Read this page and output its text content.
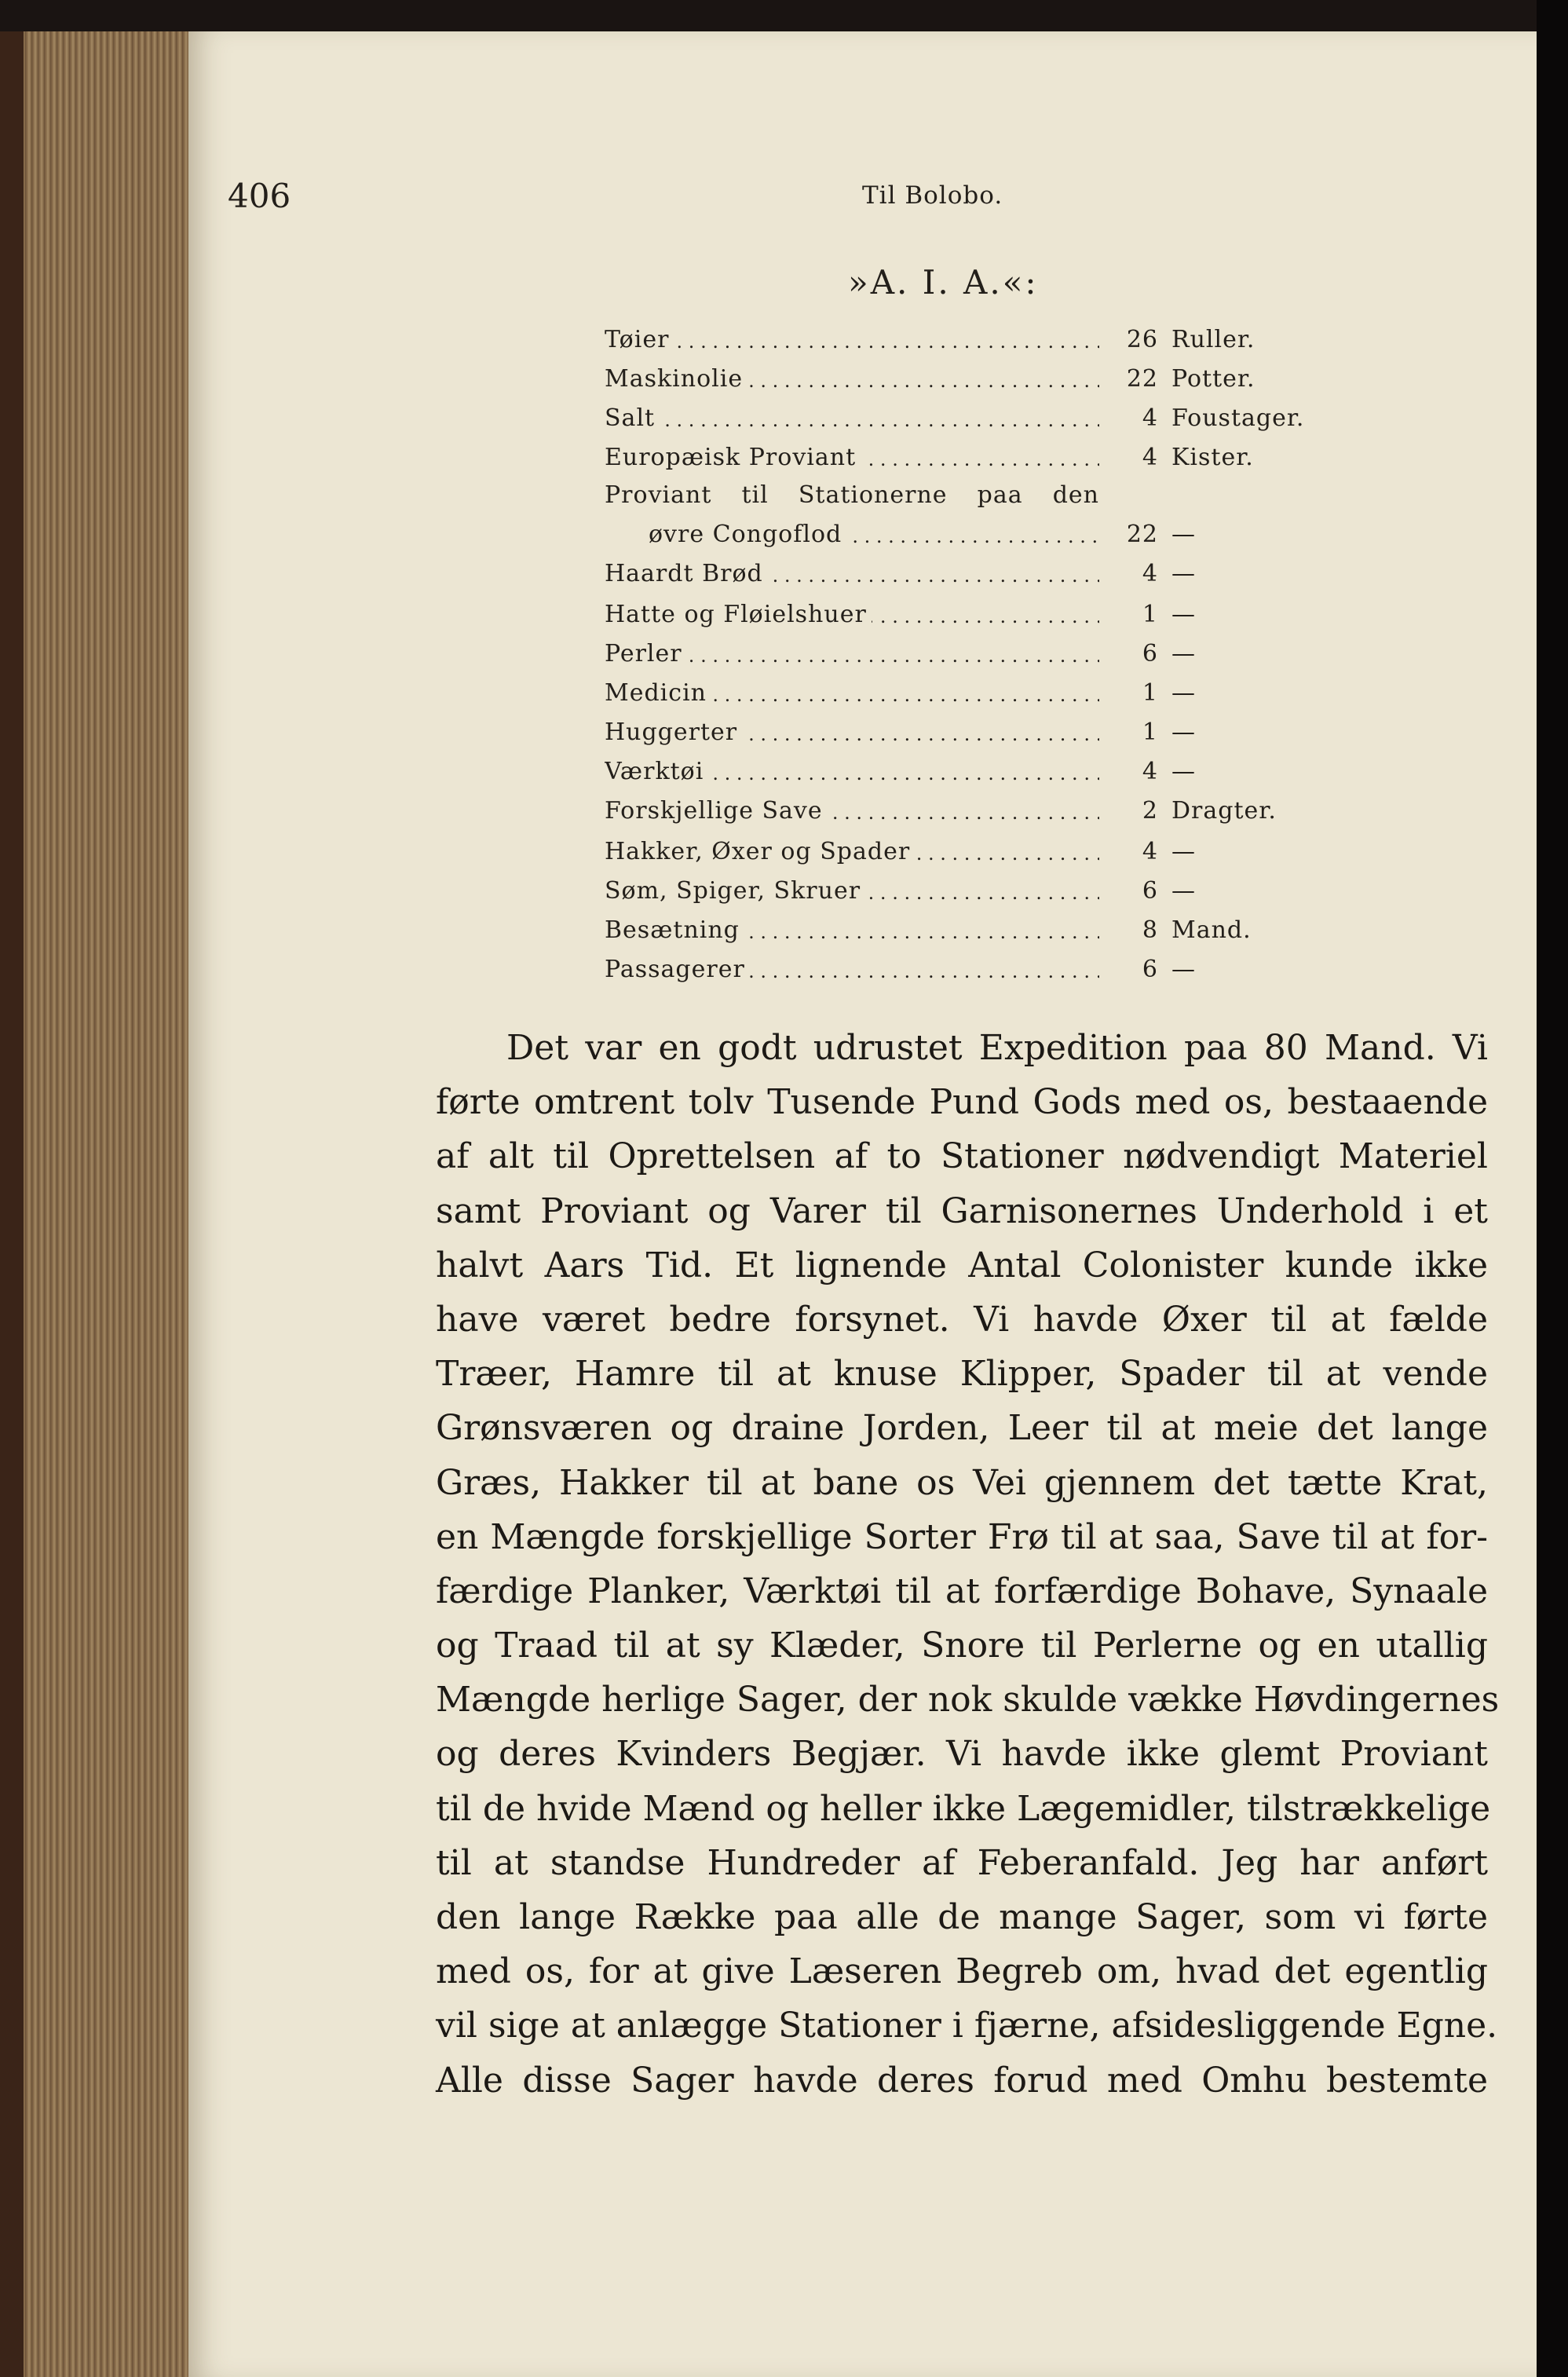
406	Til Bolobo.
»A. I. A.«:
Tøier . . .	26 Ruller.
Maskinolie . . .	22 Potter.
Salt . . .	4 Foustager.
Europæisk Proviant . . .	4 Kister.
Proviant til Stationerne paa den
øvre Congoflod . . .	22 —
Haardt Brød . . .	4 —
Hatte og Fløielshuer . . .	1 —
Perler . . .	6 —
Medicin . . .	1 —
Huggerter . . .	1 —
Værktøi . . .	4 —
Forskjellige Save . . .	2 Dragter.
Hakker, Øxer og Spader . . .	4 —
Søm, Spiger, Skruer . . .	6 —
Besætning . . .	8 Mand.
Passagerer . . .	6 —
Det var en godt udrustet Expedition paa 80 Mand. Vi
førte omtrent tolv Tusende Pund Gods med os, bestaaende
af alt til Oprettelsen af to Stationer nødvendigt Materiel
samt Proviant og Varer til Garnisonernes Underhold i et
halvt Aars Tid. Et lignende Antal Colonister kunde ikke
have været bedre forsynet. Vi havde Øxer til at fælde
Træer, Hamre til at knuse Klipper, Spader til at vende
Grønsværen og draine Jorden, Leer til at meie det lange
Græs, Hakker til at bane os Vei gjennem det tætte Krat,
en Mængde forskjellige Sorter Frø til at saa, Save til at for-
færdige Planker, Værktøi til at forfærdige Bohave, Synaale
og Traad til at sy Klæder, Snore til Perlerne og en utallig
Mængde herlige Sager, der nok skulde vække Høvdingernes
og deres Kvinders Begjær. Vi havde ikke glemt Proviant
til de hvide Mænd og heller ikke Lægemidler, tilstrækkelige
til at standse Hundreder af Feberanfald. Jeg har anført
den lange Række paa alle de mange Sager, som vi førte
med os, for at give Læseren Begreb om, hvad det egentlig
vil sige at anlægge Stationer i fjærne, afsidesliggende Egne.
Alle disse Sager havde deres forud med Omhu bestemte
